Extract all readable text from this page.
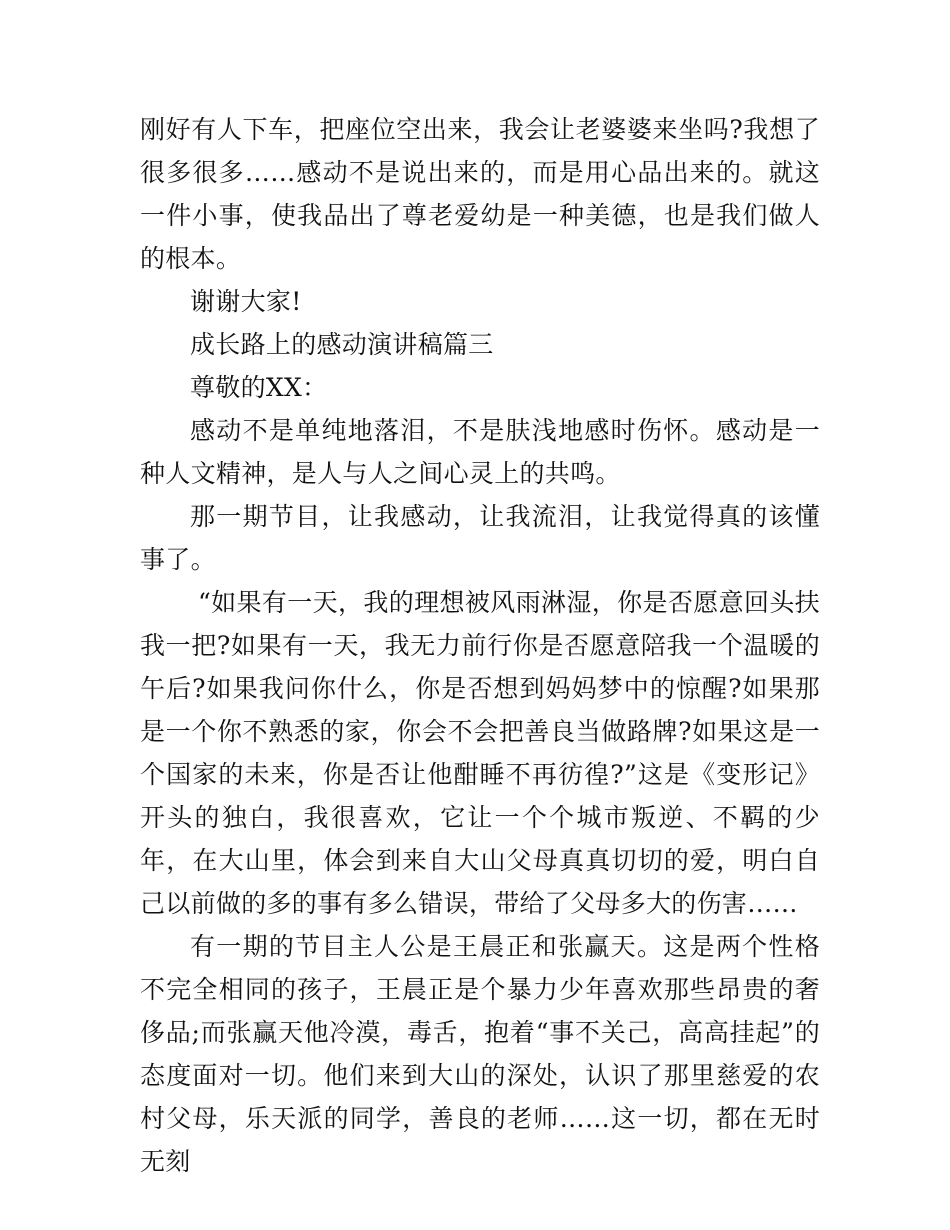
刚好有人下车，把座位空出来，我会让老婆婆来坐吗?我想了很多很多……感动不是说出来的，而是用心品出来的。就这一件小事，使我品出了尊老爱幼是一种美德，也是我们做人的根本。

谢谢大家!

成长路上的感动演讲稿篇三

尊敬的XX：

感动不是单纯地落泪，不是肤浅地感时伤怀。感动是一种人文精神，是人与人之间心灵上的共鸣。

那一期节目，让我感动，让我流泪，让我觉得真的该懂事了。

“如果有一天，我的理想被风雨淋湿，你是否愿意回头扶我一把?如果有一天，我无力前行你是否愿意陪我一个温暖的午后?如果我问你什么，你是否想到妈妈梦中的惊醒?如果那是一个你不熟悉的家，你会不会把善良当做路牌?如果这是一个国家的未来，你是否让他酣睡不再彷徨?”这是《变形记》开头的独白，我很喜欢，它让一个个城市叛逆、不羁的少年，在大山里，体会到来自大山父母真真切切的爱，明白自己以前做的多的事有多么错误，带给了父母多大的伤害……

有一期的节目主人公是王晨正和张赢天。这是两个性格不完全相同的孩子，王晨正是个暴力少年喜欢那些昂贵的奢侈品;而张赢天他冷漠，毒舌，抱着“事不关己，高高挂起”的态度面对一切。他们来到大山的深处，认识了那里慈爱的农村父母，乐天派的同学，善良的老师……这一切，都在无时无刻
